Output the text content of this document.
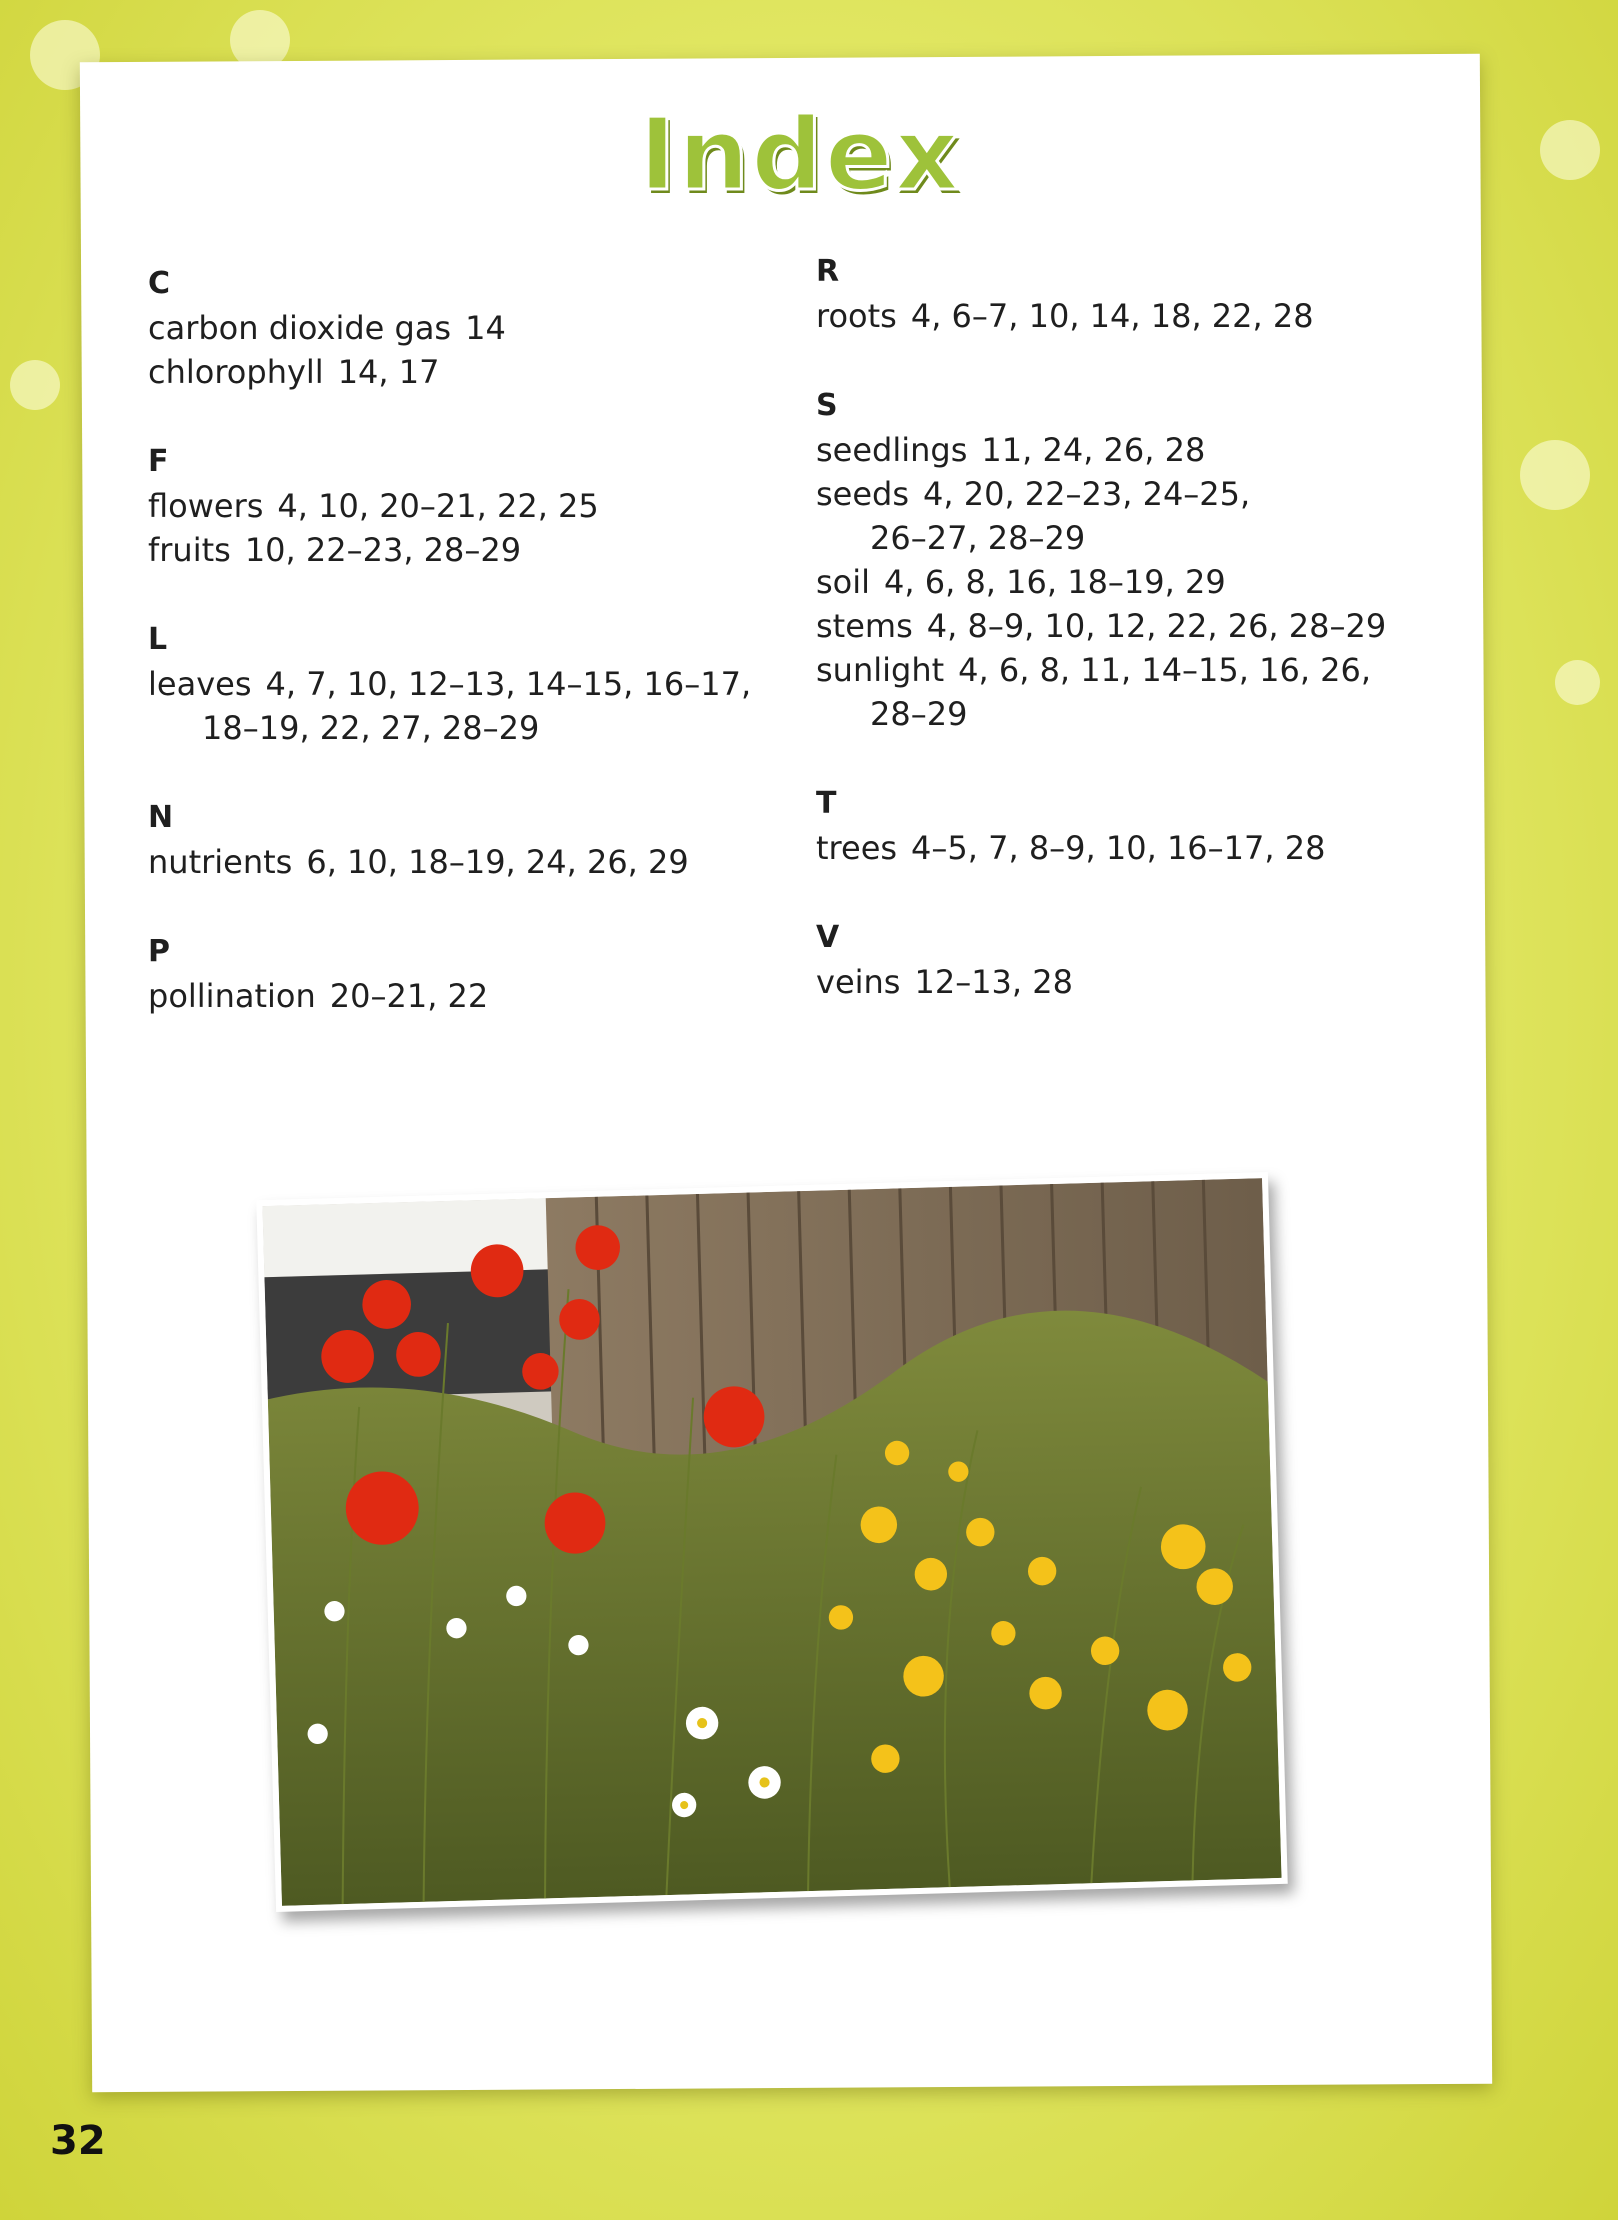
Index
C
carbon dioxide gas 14
chlorophyll 14, 17
F
flowers 4, 10, 20–21, 22, 25
fruits 10, 22–23, 28–29
L
leaves 4, 7, 10, 12–13, 14–15, 16–17,
18–19, 22, 27, 28–29
N
nutrients 6, 10, 18–19, 24, 26, 29
P
pollination 20–21, 22
R
roots 4, 6–7, 10, 14, 18, 22, 28
S
seedlings 11, 24, 26, 28
seeds 4, 20, 22–23, 24–25,
26–27, 28–29
soil 4, 6, 8, 16, 18–19, 29
stems 4, 8–9, 10, 12, 22, 26, 28–29
sunlight 4, 6, 8, 11, 14–15, 16, 26,
28–29
T
trees 4–5, 7, 8–9, 10, 16–17, 28
V
veins 12–13, 28
32
